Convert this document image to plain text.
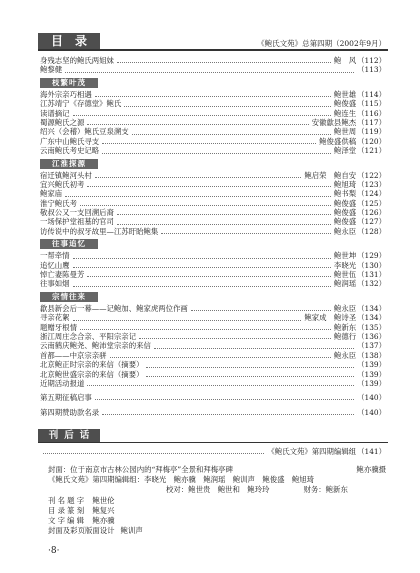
目录	《鲍氏文苑》总第四期（2002年9月）
身残志坚的鲍氏两姐妹	鲍　风 （112）
鲍黎健	（113）
枝繁叶茂
海外宗亲巧相遇	鲍世雄 （114）
江苏靖宁《存德堂》鲍氏	鲍俊盛 （115）
读谱摘记	鲍连生 （116）
蜀源鲍氏之源	安徽歙县鲍杰 （117）
绍兴（会稽）鲍氏豆泉溯支	鲍世周 （119）
广东中山鲍氏寻支	鲍俊盛供稿 （120）
云南鲍氏考史记略	鲍泽堂 （121）
江淮探源
宿迁镇鲍河头村	鲍启荣　鲍自安 （122）
宜兴鲍氏初考	鲍旭琦 （123）
鲍家庙	鲍书梨 （124）
淮宁鲍氏考	鲍俊盛 （125）
敬叔公又一支回溯后裔	鲍俊盛 （126）
一场保护堂祖墓的官司	鲍俊盛 （127）
访传说中的叔牙故里—江苏盱眙鲍集	鲍永臣 （128）
往事追忆
一帮牵情	鲍世坤 （129）
追忆山鹰	李晓光 （130）
悼亡妻陈曼芳	鲍世伍 （131）
往事如烟	鲍润瑶 （132）
宗情往来
歙县新会后一幕——记鲍加、鲍家虎两位作画	鲍永臣 （134）
寻亲花絮	鲍家成　鲍诗圣 （134）
题赠牙根情	鲍新东 （135）
浙江周庄念合亲、平阳宗亲记	鲍德行 （136）
云南鹤庆鲍尧、鲍沛堂宗亲的来信	（137）
首都——中京宗亲骈	鲍永臣 （138）
北京鲍正时宗亲的来信（摘要）	（139）
北京鲍世盛宗亲的来信（摘要）	（139）
近期活动报道	（139）
第五期征稿启事	（140）
第四期赞助款名录	（140）
刊后话
《鲍氏文苑》第四期编辑组 （141）
封面：位于南京市古林公园内的“拜梅亭”全景和拜梅亭碑	鲍亦骥摄
《鲍氏文苑》第四期编辑组：李晓光　鲍亦骥　鲍润瑶　鲍训声　鲍俊盛　鲍旭琦
校对：鲍世贵　鲍世和　鲍玲玲	财务：鲍新东
刊名题字 鲍世伦
目录篆刻 鲍复兴
文字编辑 鲍亦骥
封面及彩页版面设计 鲍训声
·8·
